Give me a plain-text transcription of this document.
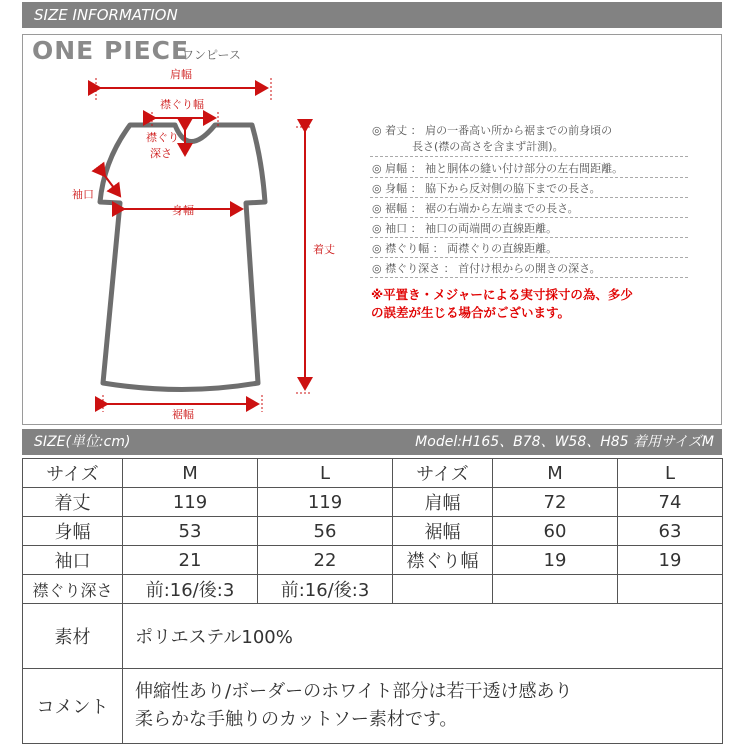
SIZE INFORMATION
ONE PIECE
ワンピース
肩幅
襟ぐり幅
襟ぐり
深さ
袖口
身幅
着丈
裾幅
◎ 着丈 ： 肩の一番高い所から裾までの前身頃の
長さ(襟の高さを含まず計測)。
◎ 肩幅 ： 袖と胴体の縫い付け部分の左右間距離。
◎ 身幅 ： 脇下から反対側の脇下までの長さ。
◎ 裾幅 ： 裾の右端から左端までの長さ。
◎ 袖口 ： 袖口の両端間の直線距離。
◎ 襟ぐり幅 ： 両襟ぐりの直線距離。
◎ 襟ぐり深さ ： 首付け根からの開きの深さ。
※平置き・メジャーによる実寸採寸の為、多少
の誤差が生じる場合がございます。
SIZE(単位:cm)	Model:H165、B78、W58、H85 着用サイズM
サイズ	M	L	サイズ	M	L
着丈	119	119	肩幅	72	74
身幅	53	56	裾幅	60	63
袖口	21	22	襟ぐり幅	19	19
襟ぐり深さ	前:16/後:3	前:16/後:3			
素材	ポリエステル100%				
コメント	伸縮性あり/ボーダーのホワイト部分は若干透け感あり
柔らかな手触りのカットソー素材です。				
